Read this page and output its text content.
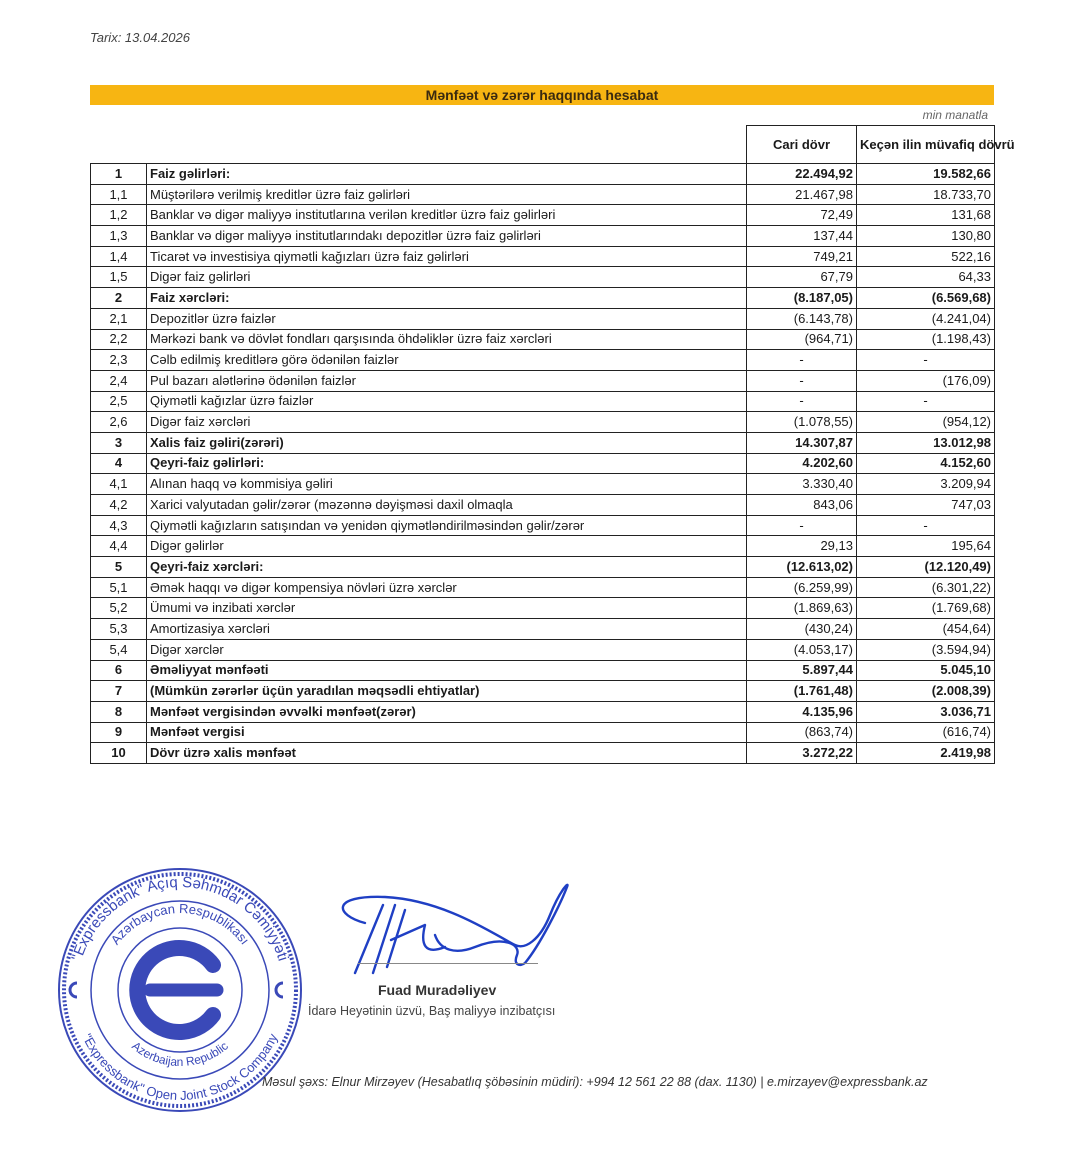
Tarix: 13.04.2026
Mənfəət və zərər haqqında hesabat
min manatla
		Cari dövr	Keçən ilin müvafiq dövrü
1	Faiz gəlirləri:	22.494,92	19.582,66
1,1	Müştərilərə verilmiş kreditlər üzrə faiz gəlirləri	21.467,98	18.733,70
1,2	Banklar və digər maliyyə institutlarına verilən kreditlər üzrə faiz gəlirləri	72,49	131,68
1,3	Banklar və digər maliyyə institutlarındakı depozitlər üzrə faiz gəlirləri	137,44	130,80
1,4	Ticarət və investisiya qiymətli kağızları üzrə faiz gəlirləri	749,21	522,16
1,5	Digər faiz gəlirləri	67,79	64,33
2	Faiz xərcləri:	(8.187,05)	(6.569,68)
2,1	Depozitlər üzrə faizlər	(6.143,78)	(4.241,04)
2,2	Mərkəzi bank və dövlət fondları qarşısında öhdəliklər üzrə faiz xərcləri	(964,71)	(1.198,43)
2,3	Cəlb edilmiş kreditlərə görə ödənilən faizlər	-	-
2,4	Pul bazarı alətlərinə ödənilən faizlər	-	(176,09)
2,5	Qiymətli kağızlar üzrə faizlər	-	-
2,6	Digər faiz xərcləri	(1.078,55)	(954,12)
3	Xalis faiz gəliri(zərəri)	14.307,87	13.012,98
4	Qeyri-faiz gəlirləri:	4.202,60	4.152,60
4,1	Alınan haqq və kommisiya gəliri	3.330,40	3.209,94
4,2	Xarici valyutadan gəlir/zərər (məzənnə dəyişməsi daxil olmaqla	843,06	747,03
4,3	Qiymətli kağızların satışından və yenidən qiymətləndirilməsindən gəlir/zərər	-	-
4,4	Digər gəlirlər	29,13	195,64
5	Qeyri-faiz xərcləri:	(12.613,02)	(12.120,49)
5,1	Əmək haqqı və digər kompensiya növləri üzrə xərclər	(6.259,99)	(6.301,22)
5,2	Ümumi və inzibati xərclər	(1.869,63)	(1.769,68)
5,3	Amortizasiya xərcləri	(430,24)	(454,64)
5,4	Digər xərclər	(4.053,17)	(3.594,94)
6	Əməliyyat mənfəəti	5.897,44	5.045,10
7	(Mümkün zərərlər üçün yaradılan məqsədli ehtiyatlar)	(1.761,48)	(2.008,39)
8	Mənfəət vergisindən əvvəlki mənfəət(zərər)	4.135,96	3.036,71
9	Mənfəət vergisi	(863,74)	(616,74)
10	Dövr üzrə xalis mənfəət	3.272,22	2.419,98
"Expressbank" Açıq Səhmdar Cəmiyyəti
Azərbaycan Respublikası
Azerbaijan Republic
"Expressbank" Open Joint Stock Company
Fuad Muradəliyev
İdarə Heyətinin üzvü, Baş maliyyə inzibatçısı
Məsul şəxs: Elnur Mirzəyev (Hesabatlıq şöbəsinin müdiri): +994 12 561 22 88 (dax. 1130) | e.mirzayev@expressbank.az
